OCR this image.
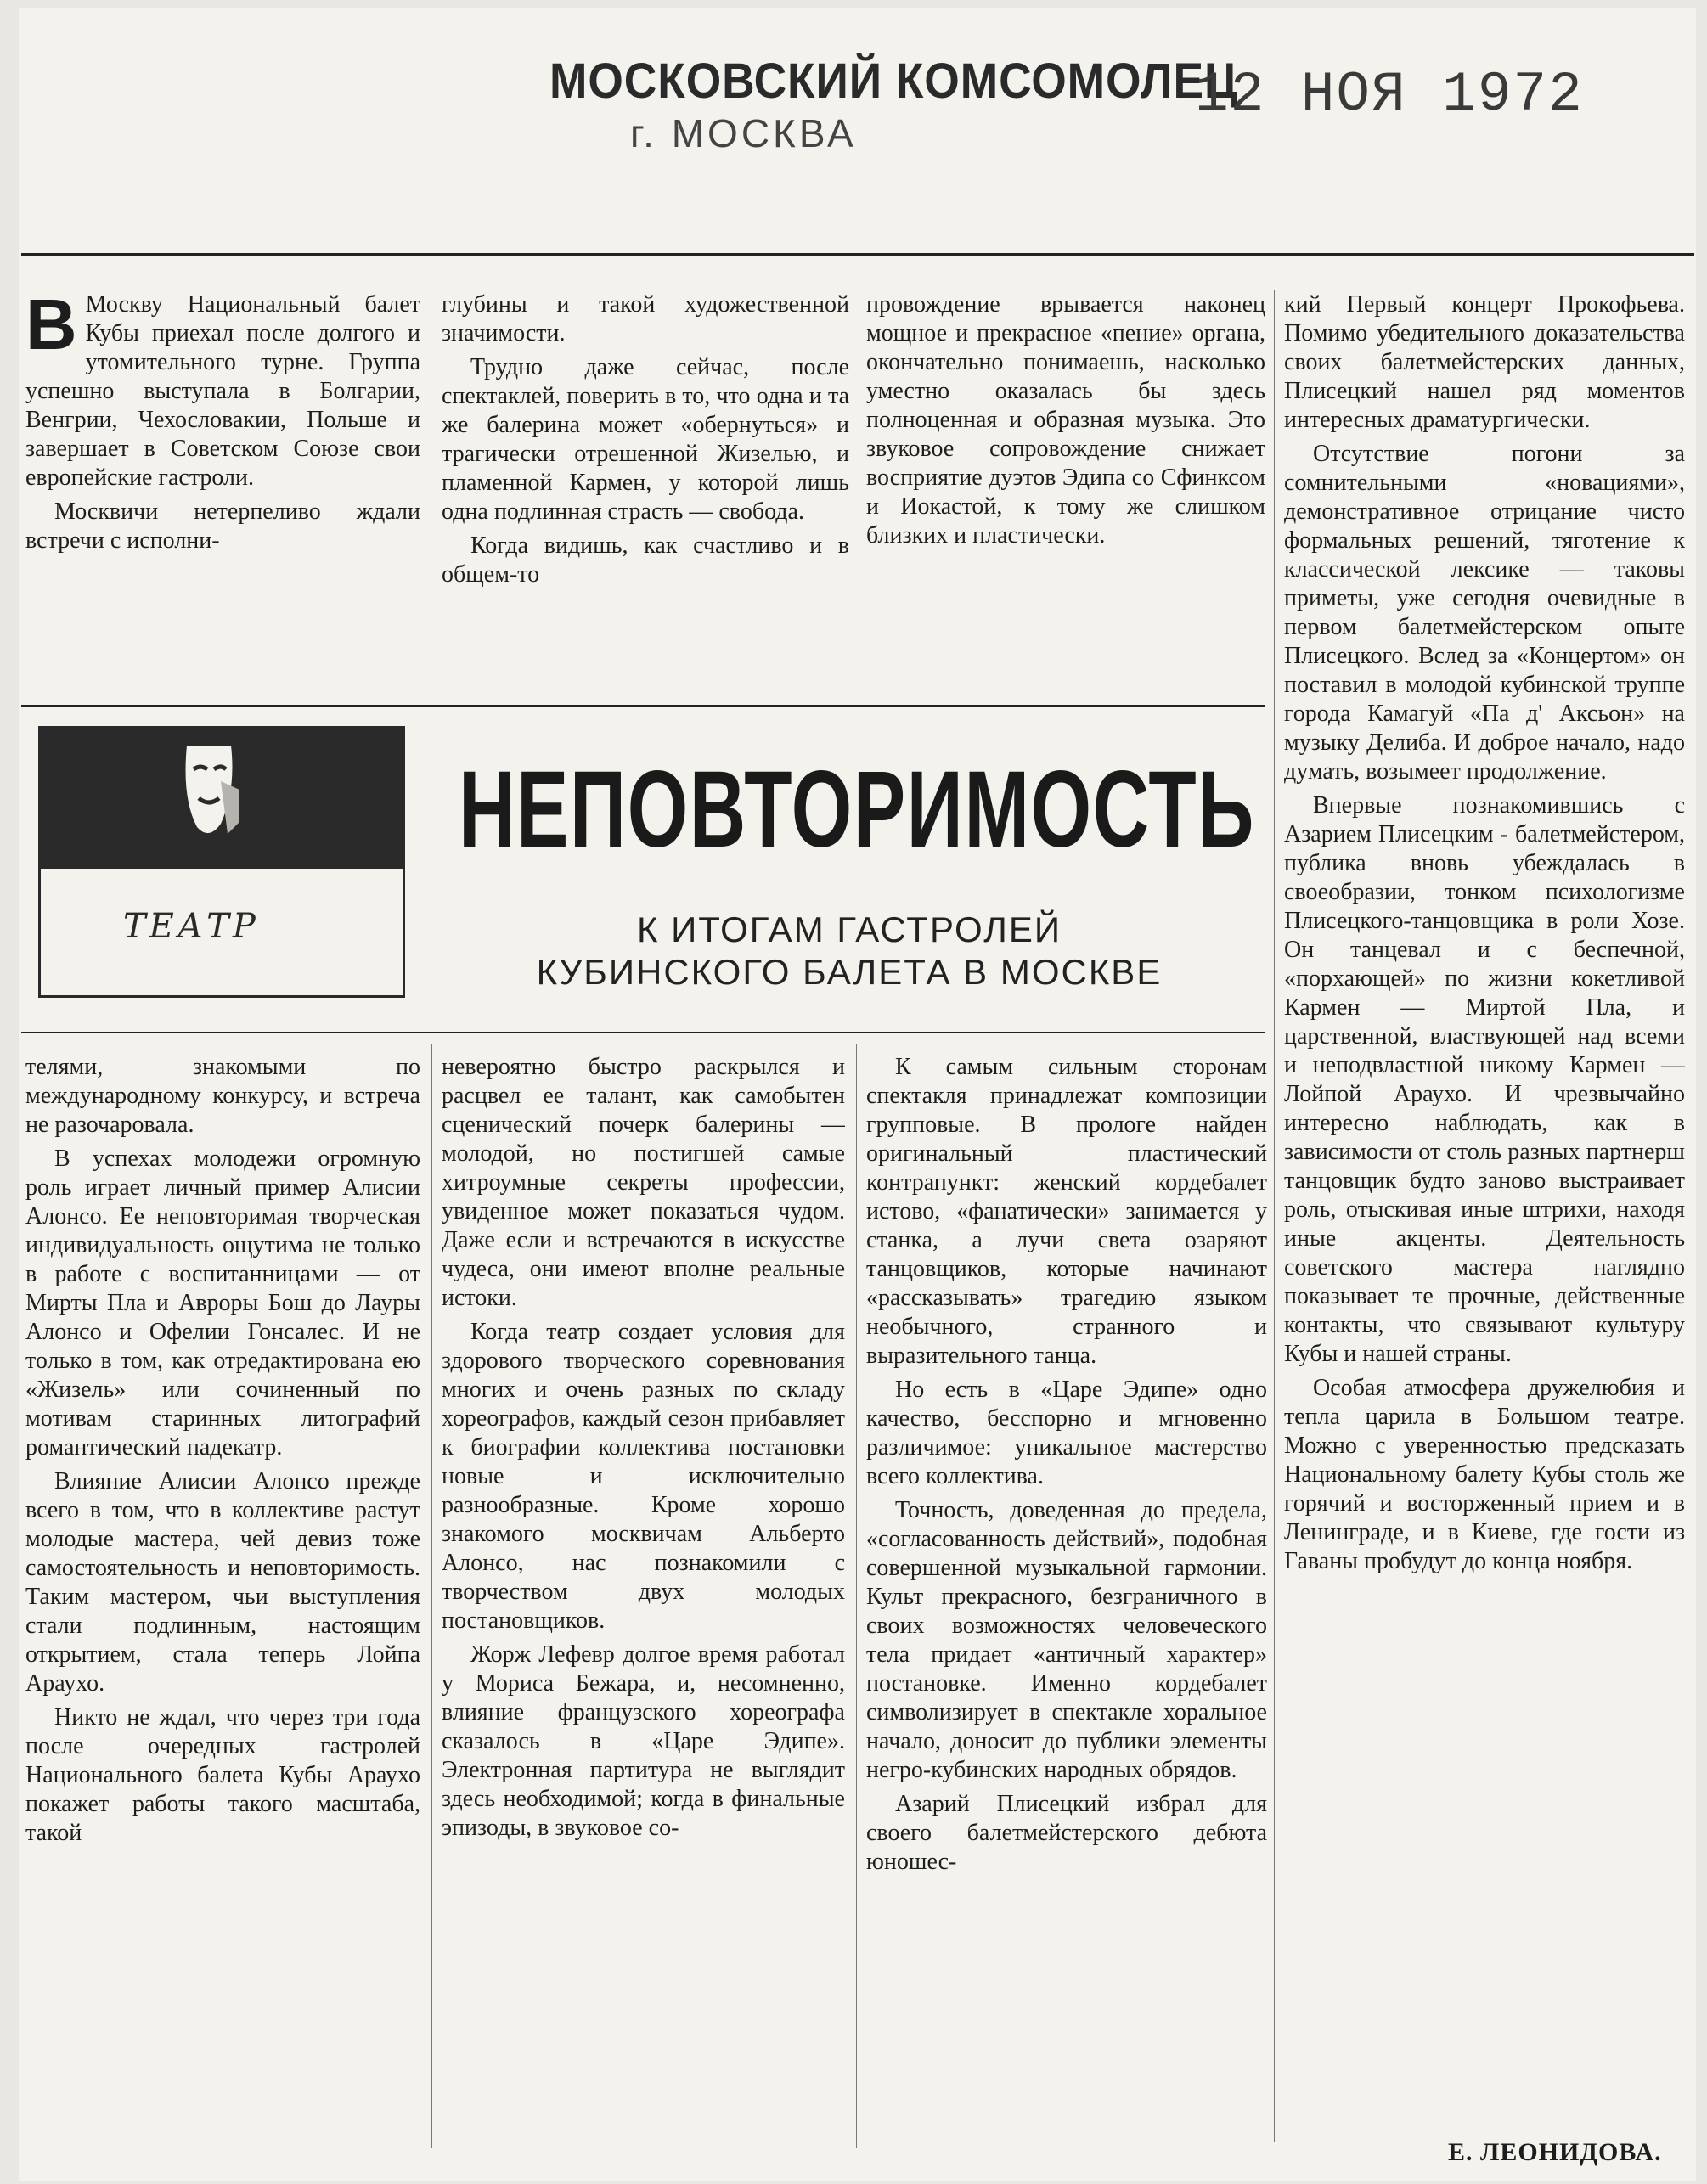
МОСКОВСКИЙ КОМСОМОЛЕЦ
г. МОСКВА
12 НОЯ 1972

В Москву Национальный балет Кубы приехал после долгого и утомительного турне. Группа успешно выступала в Болгарии, Венгрии, Чехословакии, Польше и завершает в Советском Союзе свои европейские гастроли.

Москвичи нетерпеливо ждали встречи с исполни-

глубины и такой художественной значимости.

Трудно даже сейчас, после спектаклей, поверить в то, что одна и та же балерина может «обернуться» и трагически отрешенной Жизелью, и пламенной Кармен, у которой лишь одна подлинная страсть — свобода.

Когда видишь, как счастливо и в общем-то

провождение врывается наконец мощное и прекрасное «пение» органа, окончательно понимаешь, насколько уместно оказалась бы здесь полноценная и образная музыка. Это звуковое сопровождение снижает восприятие дуэтов Эдипа со Сфинксом и Иокастой, к тому же слишком близких и пластически.

ТЕАТР
НЕПОВТОРИМОСТЬ
К ИТОГАМ ГАСТРОЛЕЙ
КУБИНСКОГО БАЛЕТА В МОСКВЕ

кий Первый концерт Прокофьева. Помимо убедительного доказательства своих балетмейстерских данных, Плисецкий нашел ряд моментов интересных драматургически.

Отсутствие погони за сомнительными «новациями», демонстративное отрицание чисто формальных решений, тяготение к классической лексике — таковы приметы, уже сегодня очевидные в первом балетмейстерском опыте Плисецкого. Вслед за «Концертом» он поставил в молодой кубинской труппе города Камагуй «Па д' Аксьон» на музыку Делиба. И доброе начало, надо думать, возымеет продолжение.

Впервые познакомившись с Азарием Плисецким - балетмейстером, публика вновь убеждалась в своеобразии, тонком психологизме Плисецкого-танцовщика в роли Хозе. Он танцевал и с беспечной, «порхающей» по жизни кокетливой Кармен — Миртой Пла, и царственной, властвующей над всеми и неподвластной никому Кармен — Лойпой Араухо. И чрезвычайно интересно наблюдать, как в зависимости от столь разных партнерш танцовщик будто заново выстраивает роль, отыскивая иные штрихи, находя иные акценты. Деятельность советского мастера наглядно показывает те прочные, действенные контакты, что связывают культуру Кубы и нашей страны.

Особая атмосфера дружелюбия и тепла царила в Большом театре. Можно с уверенностью предсказать Национальному балету Кубы столь же горячий и восторженный прием и в Ленинграде, и в Киеве, где гости из Гаваны пробудут до конца ноября.

телями, знакомыми по международному конкурсу, и встреча не разочаровала.

В успехах молодежи огромную роль играет личный пример Алисии Алонсо. Ее неповторимая творческая индивидуальность ощутима не только в работе с воспитанницами — от Мирты Пла и Авроры Бош до Лауры Алонсо и Офелии Гонсалес. И не только в том, как отредактирована ею «Жизель» или сочиненный по мотивам старинных литографий романтический падекатр.

Влияние Алисии Алонсо прежде всего в том, что в коллективе растут молодые мастера, чей девиз тоже самостоятельность и неповторимость. Таким мастером, чьи выступления стали подлинным, настоящим открытием, стала теперь Лойпа Араухо.

Никто не ждал, что через три года после очередных гастролей Национального балета Кубы Араухо покажет работы такого масштаба, такой

невероятно быстро раскрылся и расцвел ее талант, как самобытен сценический почерк балерины — молодой, но постигшей самые хитроумные секреты профессии, увиденное может показаться чудом. Даже если и встречаются в искусстве чудеса, они имеют вполне реальные истоки.

Когда театр создает условия для здорового творческого соревнования многих и очень разных по складу хореографов, каждый сезон прибавляет к биографии коллектива постановки новые и исключительно разнообразные. Кроме хорошо знакомого москвичам Альберто Алонсо, нас познакомили с творчеством двух молодых постановщиков.

Жорж Лефевр долгое время работал у Мориса Бежара, и, несомненно, влияние французского хореографа сказалось в «Царе Эдипе». Электронная партитура не выглядит здесь необходимой; когда в финальные эпизоды, в звуковое со-

К самым сильным сторонам спектакля принадлежат композиции групповые. В прологе найден оригинальный пластический контрапункт: женский кордебалет истово, «фанатически» занимается у станка, а лучи света озаряют танцовщиков, которые начинают «рассказывать» трагедию языком необычного, странного и выразительного танца.

Но есть в «Царе Эдипе» одно качество, бесспорно и мгновенно различимое: уникальное мастерство всего коллектива.

Точность, доведенная до предела, «согласованность действий», подобная совершенной музыкальной гармонии. Культ прекрасного, безграничного в своих возможностях человеческого тела придает «античный характер» постановке. Именно кордебалет символизирует в спектакле хоральное начало, доносит до публики элементы негро-кубинских народных обрядов.

Азарий Плисецкий избрал для своего балетмейстерского дебюта юношес-

Е. ЛЕОНИДОВА.
